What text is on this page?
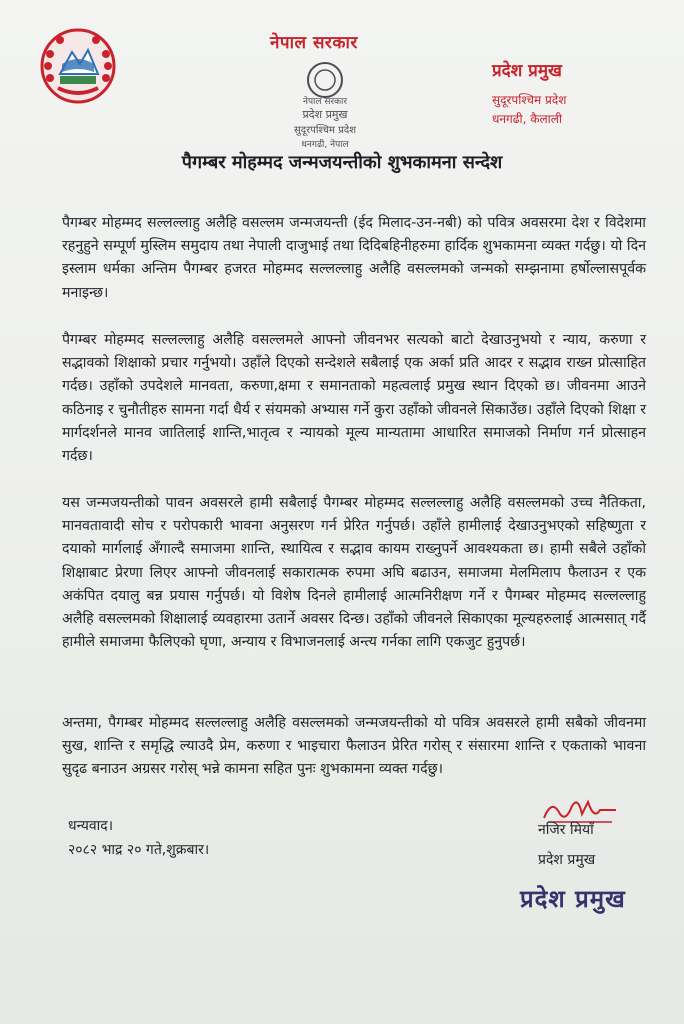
नेपाल सरकार
नेपाल सरकार
प्रदेश प्रमुख
सुदूरपश्चिम प्रदेश
धनगढी, नेपाल
प्रदेश प्रमुख
सुदूरपश्चिम प्रदेश
धनगढी, कैलाली
पैगम्बर मोहम्मद जन्मजयन्तीको शुभकामना सन्देश
पैगम्बर मोहम्मद सल्लल्लाहु अलैहि वसल्लम जन्मजयन्ती (ईद मिलाद-उन-नबी) को पवित्र अवसरमा देश र विदेशमा रहनुहुने सम्पूर्ण मुस्लिम समुदाय तथा नेपाली दाजुभाई तथा दिदिबहिनीहरुमा हार्दिक शुभकामना व्यक्त गर्दछु। यो दिन इस्लाम धर्मका अन्तिम पैगम्बर हजरत मोहम्मद सल्लल्लाहु अलैहि वसल्लमको जन्मको सम्झनामा हर्षोल्लासपूर्वक मनाइन्छ।
पैगम्बर मोहम्मद सल्लल्लाहु अलैहि वसल्लमले आफ्नो जीवनभर सत्यको बाटो देखाउनुभयो र न्याय, करुणा र सद्भावको शिक्षाको प्रचार गर्नुभयो। उहाँले दिएको सन्देशले सबैलाई एक अर्का प्रति आदर र सद्भाव राख्न प्रोत्साहित गर्दछ। उहाँको उपदेशले मानवता, करुणा,क्षमा र समानताको महत्वलाई प्रमुख स्थान दिएको छ। जीवनमा आउने कठिनाइ र चुनौतीहरु सामना गर्दा धैर्य र संयमको अभ्यास गर्ने कुरा उहाँको जीवनले सिकाउँछ। उहाँले दिएको शिक्षा र मार्गदर्शनले मानव जातिलाई शान्ति,भातृत्व र न्यायको मूल्य मान्यतामा आधारित समाजको निर्माण गर्न प्रोत्साहन गर्दछ।
यस जन्मजयन्तीको पावन अवसरले हामी सबैलाई पैगम्बर मोहम्मद सल्लल्लाहु अलैहि वसल्लमको उच्च नैतिकता, मानवतावादी सोच र परोपकारी भावना अनुसरण गर्न प्रेरित गर्नुपर्छ। उहाँले हामीलाई देखाउनुभएको सहिष्णुता र दयाको मार्गलाई अँगाल्दै समाजमा शान्ति, स्थायित्व र सद्भाव कायम राख्नुपर्ने आवश्यकता छ। हामी सबैले उहाँको शिक्षाबाट प्रेरणा लिएर आफ्नो जीवनलाई सकारात्मक रुपमा अघि बढाउन, समाजमा मेलमिलाप फैलाउन र एक अकंपित दयालु बन्न प्रयास गर्नुपर्छ। यो विशेष दिनले हामीलाई आत्मनिरीक्षण गर्ने र पैगम्बर मोहम्मद सल्लल्लाहु अलैहि वसल्लमको शिक्षालाई व्यवहारमा उतार्ने अवसर दिन्छ। उहाँको जीवनले सिकाएका मूल्यहरुलाई आत्मसात् गर्दै हामीले समाजमा फैलिएको घृणा, अन्याय र विभाजनलाई अन्त्य गर्नका लागि एकजुट हुनुपर्छ।
अन्तमा, पैगम्बर मोहम्मद सल्लल्लाहु अलैहि वसल्लमको जन्मजयन्तीको यो पवित्र अवसरले हामी सबैको जीवनमा सुख, शान्ति र समृद्धि ल्याउदै प्रेम, करुणा र भाइचारा फैलाउन प्रेरित गरोस् र संसारमा शान्ति र एकताको भावना सुदृढ बनाउन अग्रसर गरोस् भन्ने कामना सहित पुनः शुभकामना व्यक्त गर्दछु।
धन्यवाद।
२०८२ भाद्र २० गते,शुक्रबार।
नजिर मियाँ
प्रदेश प्रमुख
प्रदेश प्रमुख
